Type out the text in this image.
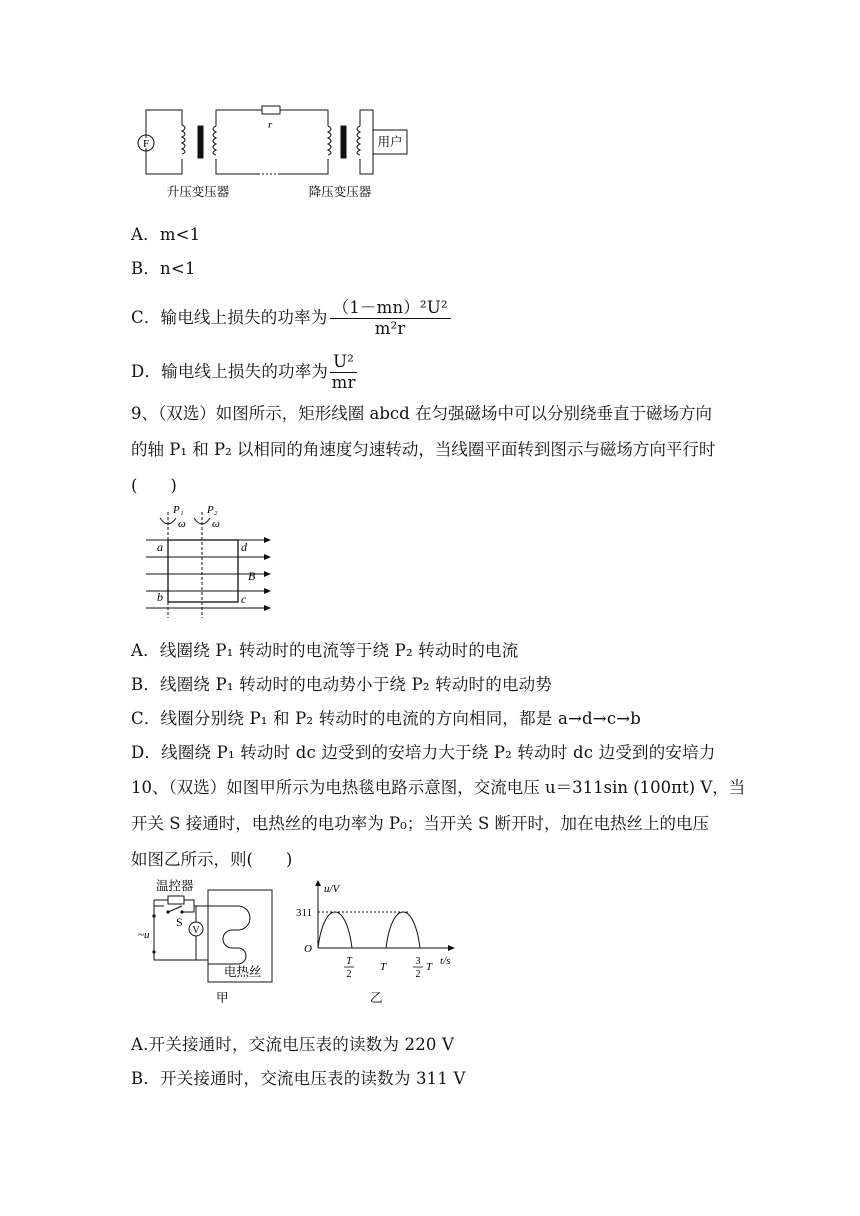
F
r
用户
升压变压器	降压变压器
A．m<1
B．n<1
C．输电线上损失的功率为 $\frac{\text{（1－mn）²U²}}{\text{m²r}}$
D．输电线上损失的功率为 $\frac{\text{U²}}{mr}$
9、（双选）如图所示，矩形线圈 abcd 在匀强磁场中可以分别绕垂直于磁场方向
的轴 P₁ 和 P₂ 以相同的角速度匀速转动，当线圈平面转到图示与磁场方向平行时
(　　)
P₁ P₂
ω ω
a	d
b	c
B
A．线圈绕 P₁ 转动时的电流等于绕 P₂ 转动时的电流
B．线圈绕 P₁ 转动时的电动势小于绕 P₂ 转动时的电动势
C．线圈分别绕 P₁ 和 P₂ 转动时的电流的方向相同，都是 a→d→c→b
D．线圈绕 P₁ 转动时 dc 边受到的安培力大于绕 P₂ 转动时 dc 边受到的安培力
10、（双选）如图甲所示为电热毯电路示意图，交流电压 u＝311sin (100πt) V，当
开关 S 接通时，电热丝的电功率为 P₀；当开关 S 断开时，加在电热丝上的电压
如图乙所示，则(　　)
温控器
S
~u	V
电热丝
甲
u/V
311
O
T
2
T	3
2
T t/s
乙
A.开关接通时，交流电压表的读数为 220 V
B．开关接通时，交流电压表的读数为 311 V
